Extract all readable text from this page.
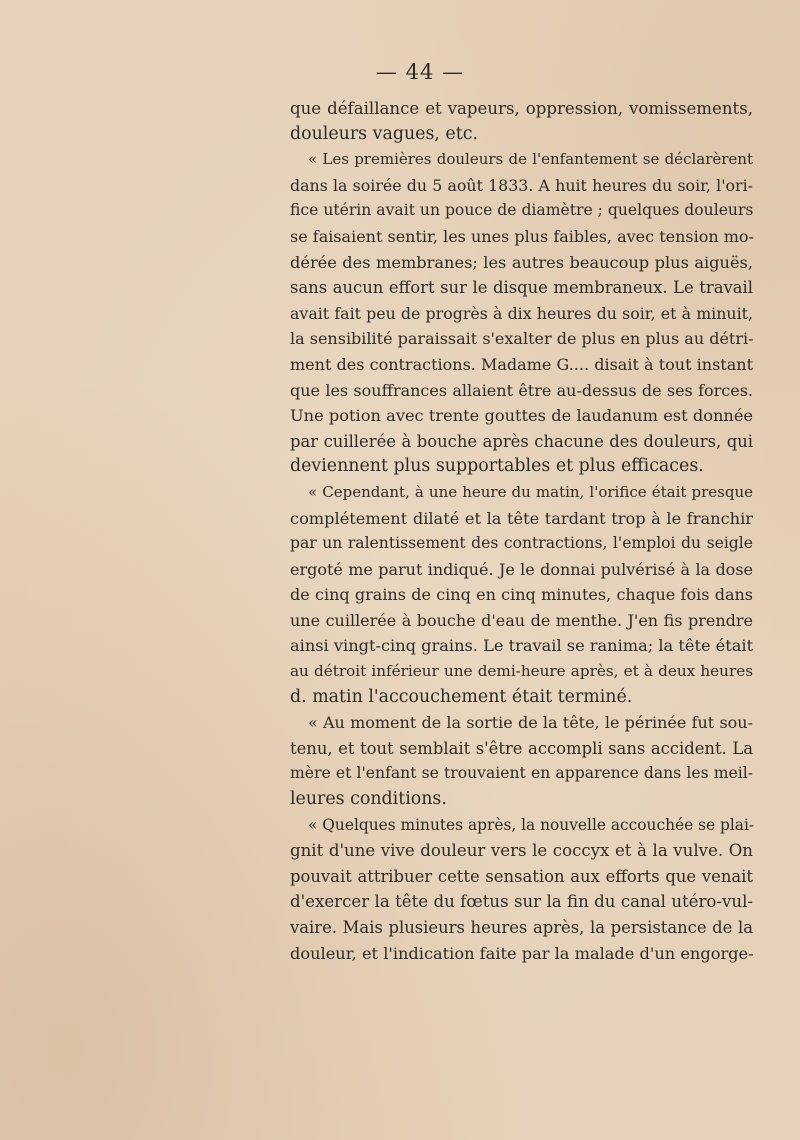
— 44 —
que défaillance et vapeurs, oppression, vomissements,
douleurs vagues, etc.
« Les premières douleurs de l'enfantement se déclarèrent
dans la soirée du 5 août 1833. A huit heures du soir, l'ori-
fice utérin avait un pouce de diamètre ; quelques douleurs
se faisaient sentir, les unes plus faibles, avec tension mo-
dérée des membranes; les autres beaucoup plus aiguës,
sans aucun effort sur le disque membraneux. Le travail
avait fait peu de progrès à dix heures du soir, et à minuit,
la sensibilité paraissait s'exalter de plus en plus au détri-
ment des contractions. Madame G.... disait à tout instant
que les souffrances allaient être au-dessus de ses forces.
Une potion avec trente gouttes de laudanum est donnée
par cuillerée à bouche après chacune des douleurs, qui
deviennent plus supportables et plus efficaces.
« Cependant, à une heure du matin, l'orifice était presque
complétement dilaté et la tête tardant trop à le franchir
par un ralentissement des contractions, l'emploi du seigle
ergoté me parut indiqué. Je le donnai pulvérisé à la dose
de cinq grains de cinq en cinq minutes, chaque fois dans
une cuillerée à bouche d'eau de menthe. J'en fis prendre
ainsi vingt-cinq grains. Le travail se ranima; la tête était
au détroit inférieur une demi-heure après, et à deux heures
d. matin l'accouchement était terminé.
« Au moment de la sortie de la tête, le périnée fut sou-
tenu, et tout semblait s'être accompli sans accident. La
mère et l'enfant se trouvaient en apparence dans les meil-
leures conditions.
« Quelques minutes après, la nouvelle accouchée se plai-
gnit d'une vive douleur vers le coccyx et à la vulve. On
pouvait attribuer cette sensation aux efforts que venait
d'exercer la tête du fœtus sur la fin du canal utéro-vul-
vaire. Mais plusieurs heures après, la persistance de la
douleur, et l'indication faite par la malade d'un engorge-
